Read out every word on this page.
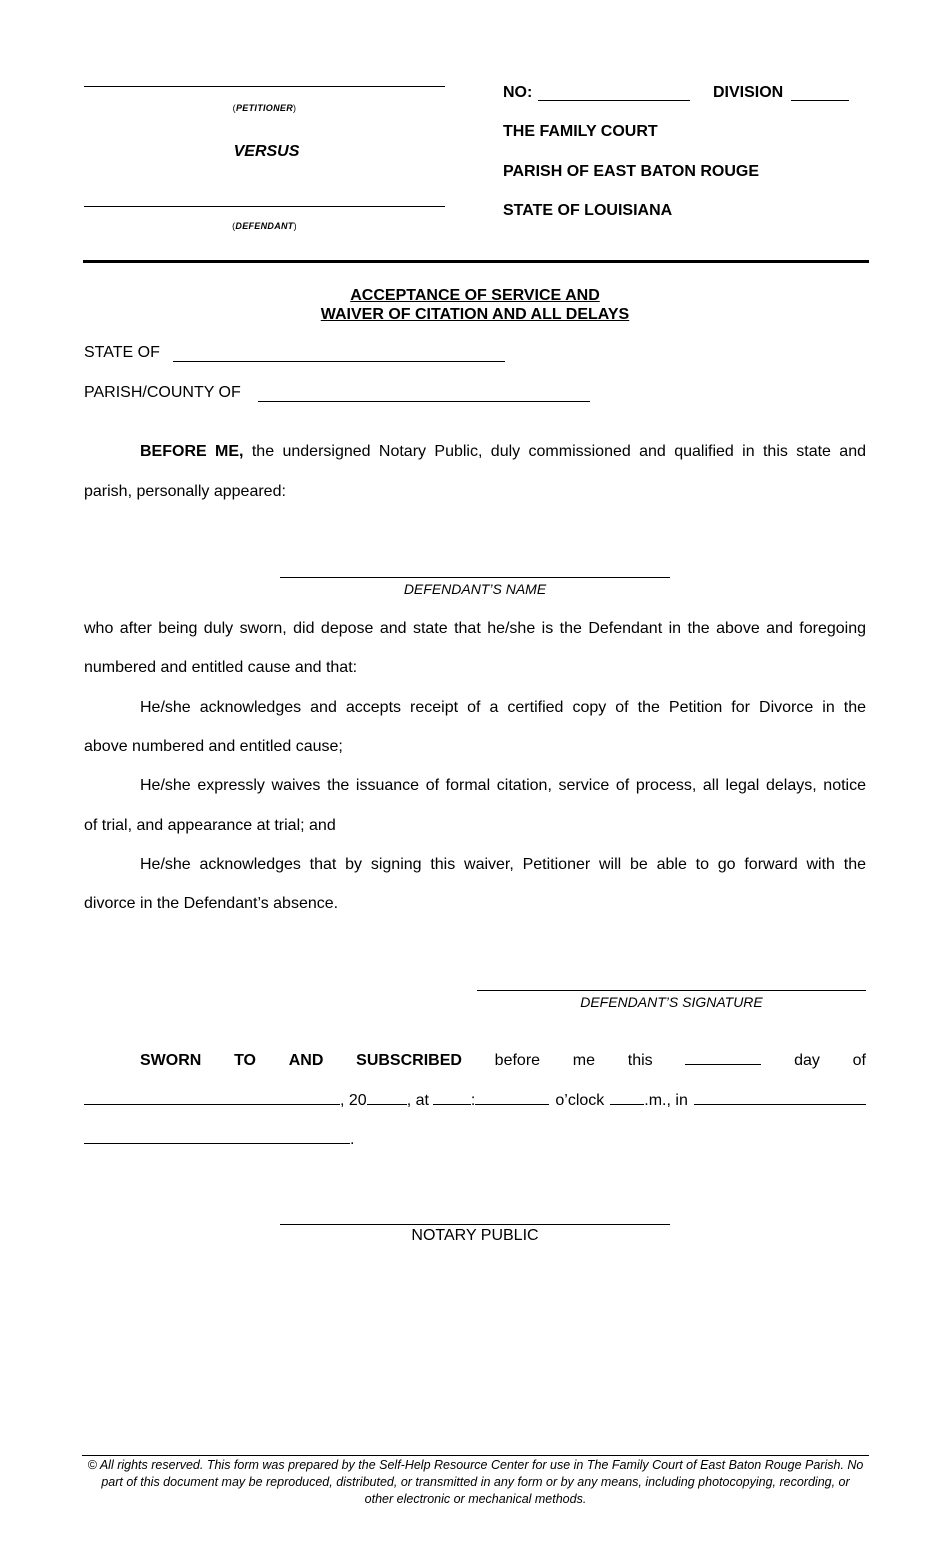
(PETITIONER)
VERSUS
(DEFENDANT)
NO:	DIVISION
THE FAMILY COURT
PARISH OF EAST BATON ROUGE
STATE OF LOUISIANA
ACCEPTANCE OF SERVICE AND
WAIVER OF CITATION AND ALL DELAYS
STATE OF
PARISH/COUNTY OF
BEFORE ME, the undersigned Notary Public, duly commissioned and qualified in this state and
parish, personally appeared:
DEFENDANT’S NAME
who after being duly sworn, did depose and state that he/she is the Defendant in the above and foregoing
numbered and entitled cause and that:
He/she acknowledges and accepts receipt of a certified copy of the Petition for Divorce in the
above numbered and entitled cause;
He/she expressly waives the issuance of formal citation, service of process, all legal delays, notice
of trial, and appearance at trial; and
He/she acknowledges that by signing this waiver, Petitioner will be able to go forward with the
divorce in the Defendant’s absence.
DEFENDANT’S SIGNATURE
SWORN TO AND SUBSCRIBED before me this	day of
, 20	, at	:	o’clock	.m., in
.
NOTARY PUBLIC
© All rights reserved. This form was prepared by the Self-Help Resource Center for use in The Family Court of East Baton Rouge Parish. No
part of this document may be reproduced, distributed, or transmitted in any form or by any means, including photocopying, recording, or
other electronic or mechanical methods.
